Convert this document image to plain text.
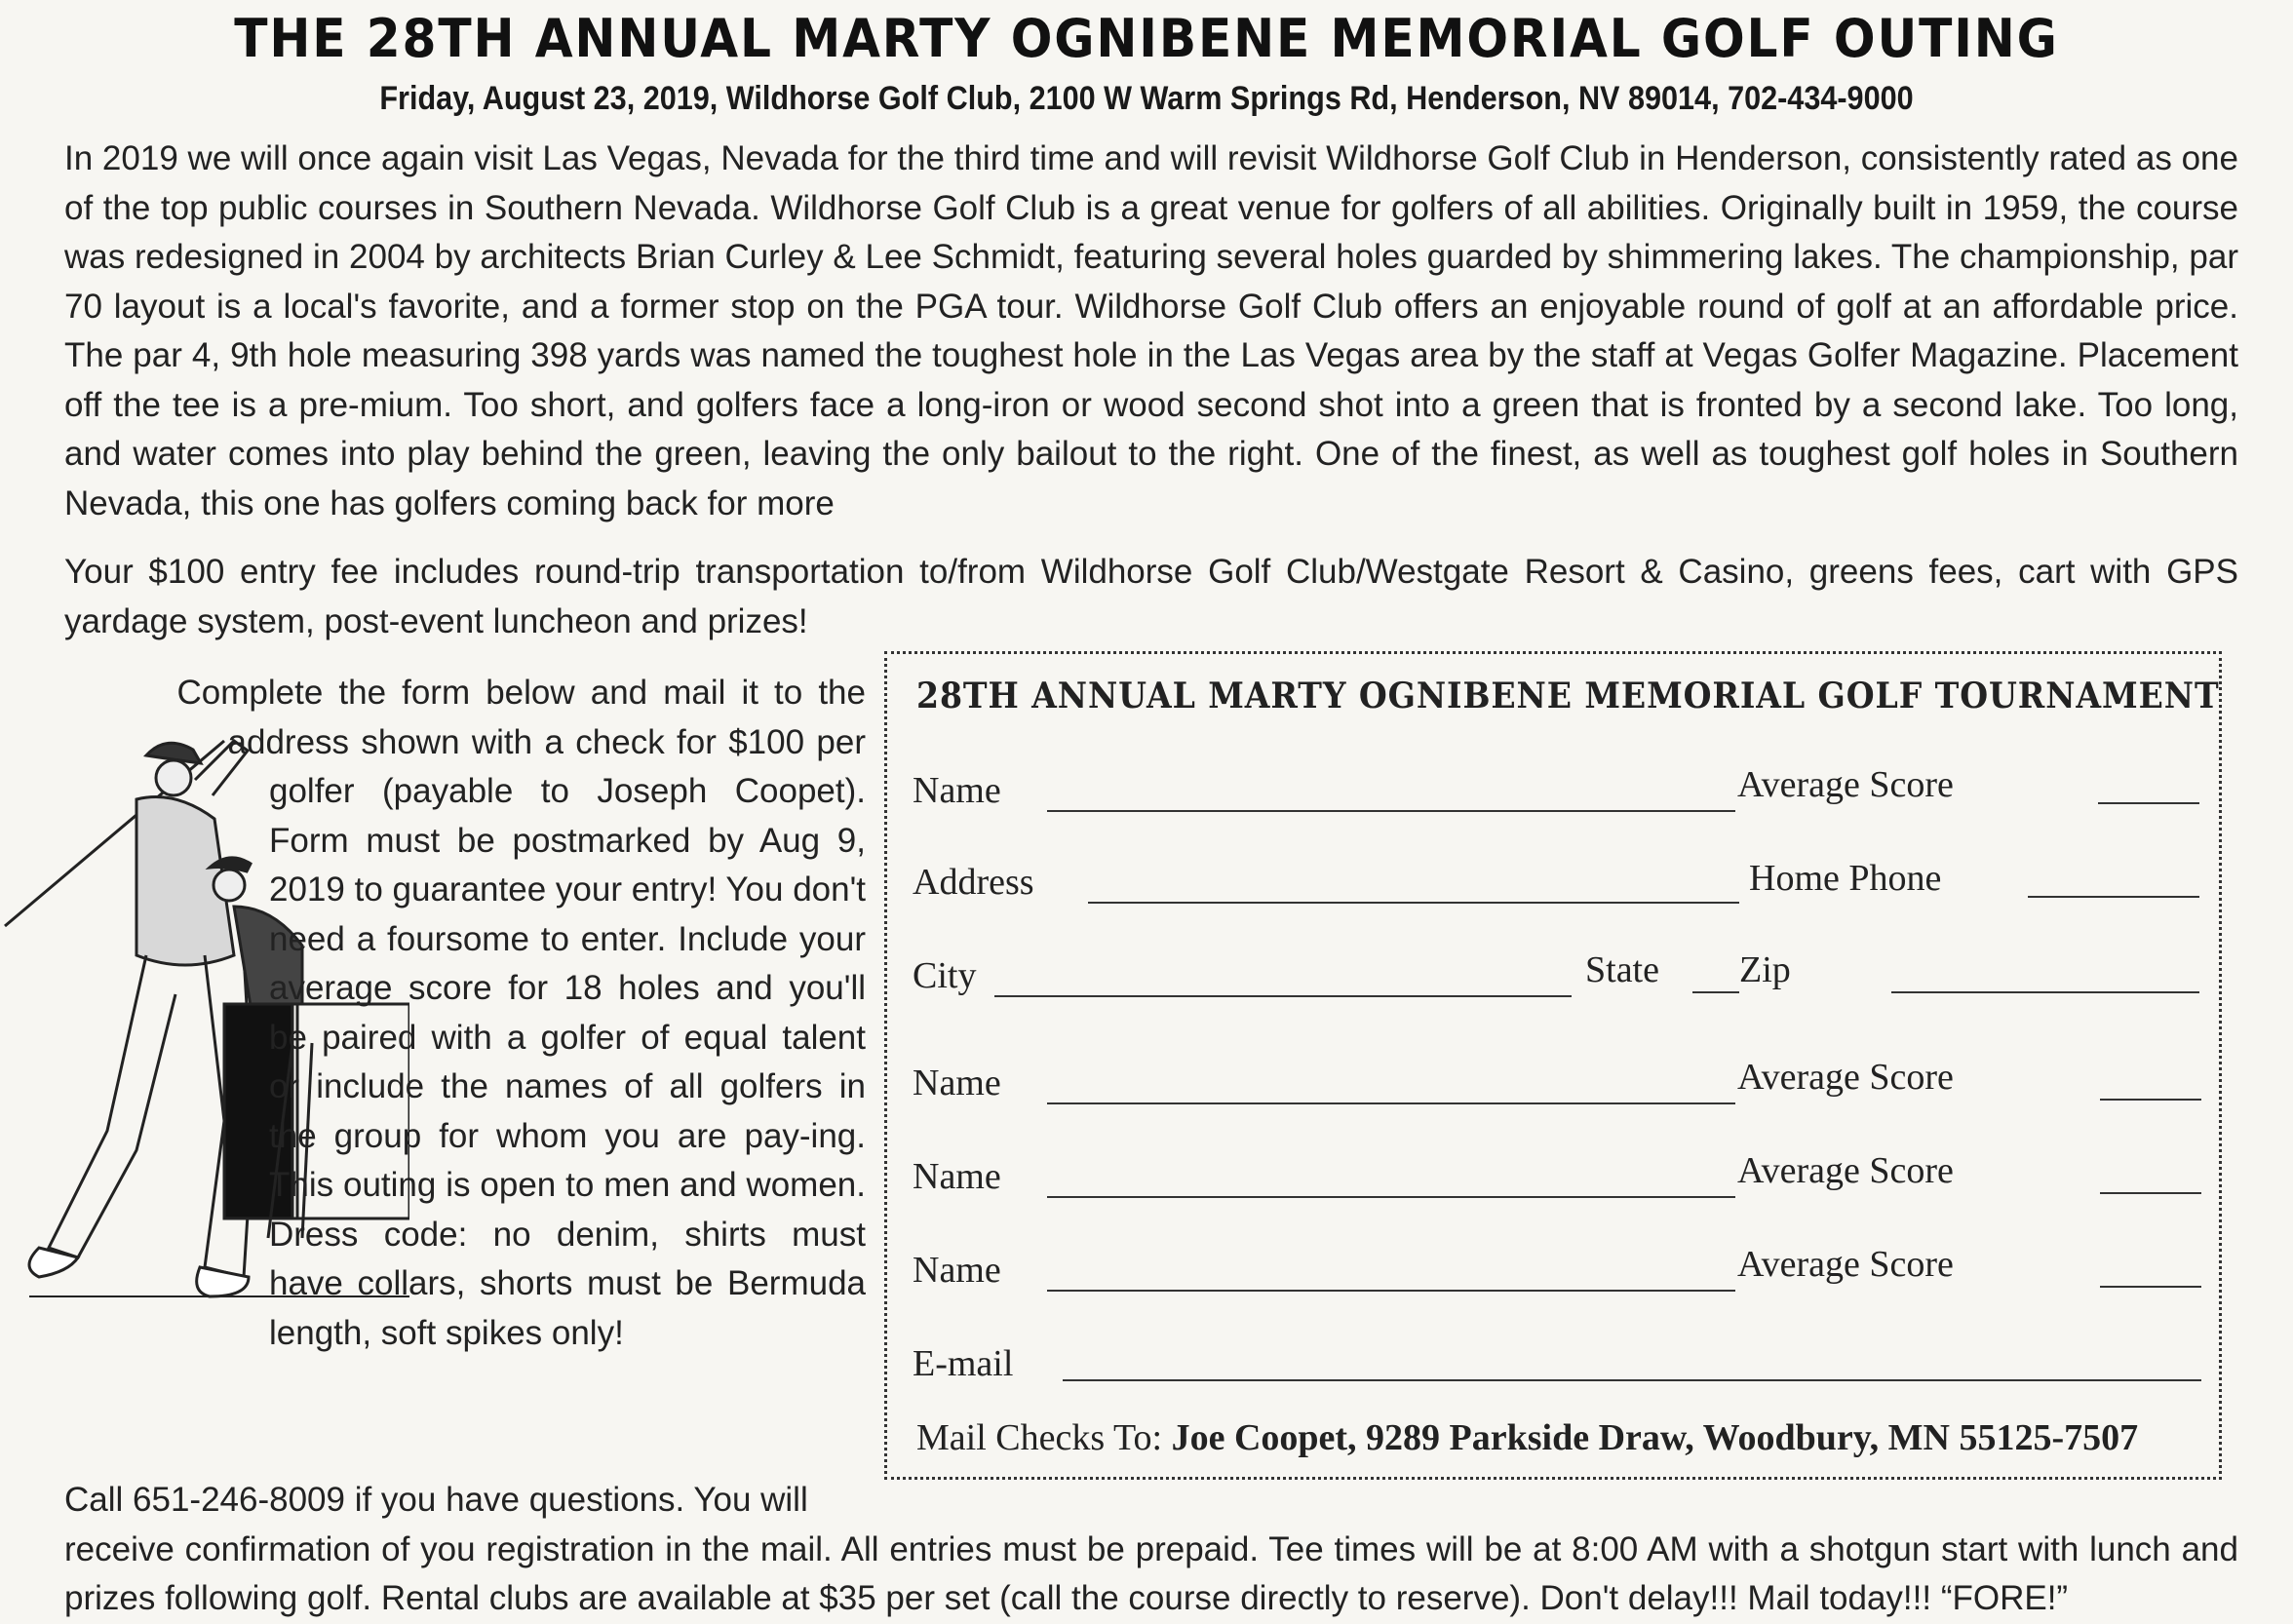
THE 28TH ANNUAL MARTY OGNIBENE MEMORIAL GOLF OUTING
Friday, August 23, 2019, Wildhorse Golf Club, 2100 W Warm Springs Rd, Henderson, NV 89014, 702-434-9000
In 2019 we will once again visit Las Vegas, Nevada for the third time and will revisit Wildhorse Golf Club in Henderson, consistently rated as one of the top public courses in Southern Nevada. Wildhorse Golf Club is a great venue for golfers of all abilities. Originally built in 1959, the course was redesigned in 2004 by architects Brian Curley & Lee Schmidt, featuring several holes guarded by shimmering lakes. The championship, par 70 layout is a local's favorite, and a former stop on the PGA tour. Wildhorse Golf Club offers an enjoyable round of golf at an affordable price. The par 4, 9th hole measuring 398 yards was named the toughest hole in the Las Vegas area by the staff at Vegas Golfer Magazine. Placement off the tee is a pre-mium. Too short, and golfers face a long-iron or wood second shot into a green that is fronted by a second lake. Too long, and water comes into play behind the green, leaving the only bailout to the right. One of the finest, as well as toughest golf holes in Southern Nevada, this one has golfers coming back for more
Your $100 entry fee includes round-trip transportation to/from Wildhorse Golf Club/Westgate Resort & Casino, greens fees, cart with GPS yardage system, post-event luncheon and prizes!
Complete the form below and mail it to the address shown with a check for $100 per golfer (payable to Joseph Coopet). Form must be postmarked by Aug 9, 2019 to guarantee your entry! You don't need a foursome to enter. Include your average score for 18 holes and you'll be paired with a golfer of equal talent or include the names of all golfers in the group for whom you are pay-ing. This outing is open to men and women. Dress code: no denim, shirts must have collars, shorts must be Bermuda length, soft spikes only!
Call 651-246-8009 if you have questions. You will
receive confirmation of you registration in the mail. All entries must be prepaid. Tee times will be at 8:00 AM with a shotgun start with lunch and prizes following golf. Rental clubs are available at $35 per set (call the course directly to reserve). Don't delay!!! Mail today!!! “FORE!”
28TH ANNUAL MARTY OGNIBENE MEMORIAL GOLF TOURNAMENT
Name	Average Score
Address	Home Phone
City	State Zip
Name	Average Score
Name	Average Score
Name	Average Score
E-mail
Mail Checks To: Joe Coopet, 9289 Parkside Draw, Woodbury, MN 55125-7507
